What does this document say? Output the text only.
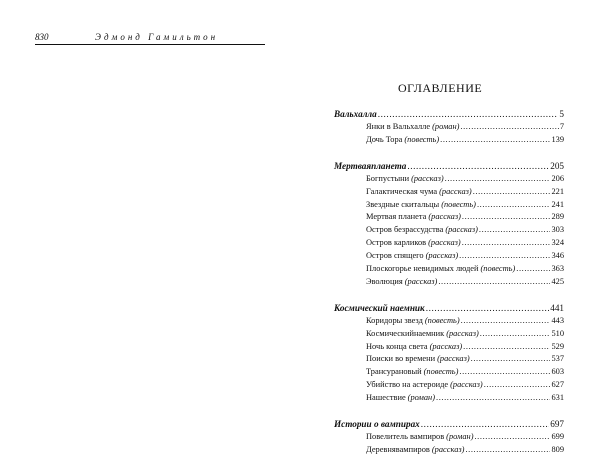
830	Эдмонд Гамильтон
ОГЛАВЛЕНИЕ
Вальхалла .....	5
Янки в Вальхалле (роман) .....	7
Дочь Тора (повесть) .....	139
Мертваяпланета .....	205
Богпустыни (рассказ) .....	206
Галактическая чума (рассказ) .....	221
Звездные скитальцы (повесть) .....	241
Мертвая планета (рассказ) .....	289
Остров безрассудства (рассказ) .....	303
Остров карликов (рассказ) .....	324
Остров спящего (рассказ) .....	346
Плоскогорье невидимых людей (повесть) .....	363
Эволюция (рассказ) .....	425
Космический наемник .....	441
Коридоры звезд (повесть) .....	443
Космическийнаемник (рассказ) .....	510
Ночь конца света (рассказ) .....	529
Поиски во времени (рассказ) .....	537
Трансурановый (повесть) .....	603
Убийство на астероиде (рассказ) .....	627
Нашествие (роман) .....	631
Истории о вампирах .....	697
Повелитель вампиров (роман) .....	699
Деревнявампиров (рассказ) .....	809
